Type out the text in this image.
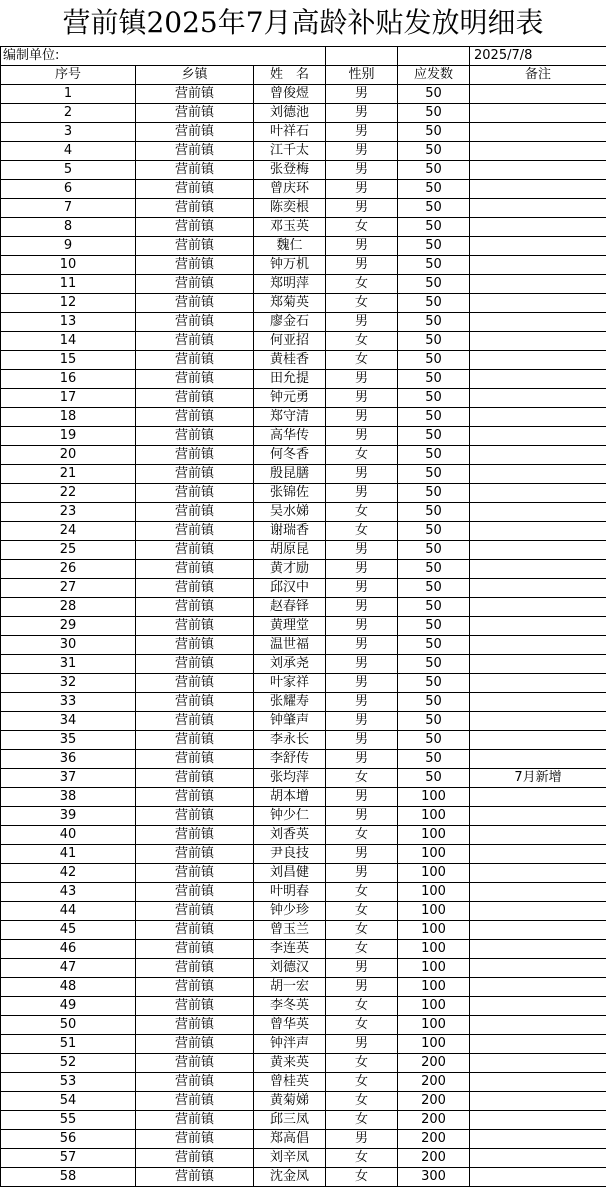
营前镇2025年7月高龄补贴发放明细表
编制单位:					2025/7/8
序号	乡镇	姓　名	性别	应发数	备注
1	营前镇	曾俊煜	男	50	
2	营前镇	刘德池	男	50	
3	营前镇	叶祥石	男	50	
4	营前镇	江千太	男	50	
5	营前镇	张登梅	男	50	
6	营前镇	曾庆环	男	50	
7	营前镇	陈奕根	男	50	
8	营前镇	邓玉英	女	50	
9	营前镇	魏仁	男	50	
10	营前镇	钟万机	男	50	
11	营前镇	郑明萍	女	50	
12	营前镇	郑菊英	女	50	
13	营前镇	廖金石	男	50	
14	营前镇	何亚招	女	50	
15	营前镇	黄桂香	女	50	
16	营前镇	田允提	男	50	
17	营前镇	钟元勇	男	50	
18	营前镇	郑守清	男	50	
19	营前镇	高华传	男	50	
20	营前镇	何冬香	女	50	
21	营前镇	殷昆膳	男	50	
22	营前镇	张锦佐	男	50	
23	营前镇	吴水娣	女	50	
24	营前镇	谢瑞香	女	50	
25	营前镇	胡原昆	男	50	
26	营前镇	黄才励	男	50	
27	营前镇	邱汉中	男	50	
28	营前镇	赵春铎	男	50	
29	营前镇	黄理堂	男	50	
30	营前镇	温世福	男	50	
31	营前镇	刘承尧	男	50	
32	营前镇	叶家祥	男	50	
33	营前镇	张耀寿	男	50	
34	营前镇	钟肇声	男	50	
35	营前镇	李永长	男	50	
36	营前镇	李舒传	男	50	
37	营前镇	张均萍	女	50	7月新增
38	营前镇	胡本增	男	100	
39	营前镇	钟少仁	男	100	
40	营前镇	刘香英	女	100	
41	营前镇	尹良技	男	100	
42	营前镇	刘昌健	男	100	
43	营前镇	叶明春	女	100	
44	营前镇	钟少珍	女	100	
45	营前镇	曾玉兰	女	100	
46	营前镇	李连英	女	100	
47	营前镇	刘德汉	男	100	
48	营前镇	胡一宏	男	100	
49	营前镇	李冬英	女	100	
50	营前镇	曾华英	女	100	
51	营前镇	钟泮声	男	100	
52	营前镇	黄来英	女	200	
53	营前镇	曾桂英	女	200	
54	营前镇	黄菊娣	女	200	
55	营前镇	邱三凤	女	200	
56	营前镇	郑高倡	男	200	
57	营前镇	刘辛凤	女	200	
58	营前镇	沈金凤	女	300	
